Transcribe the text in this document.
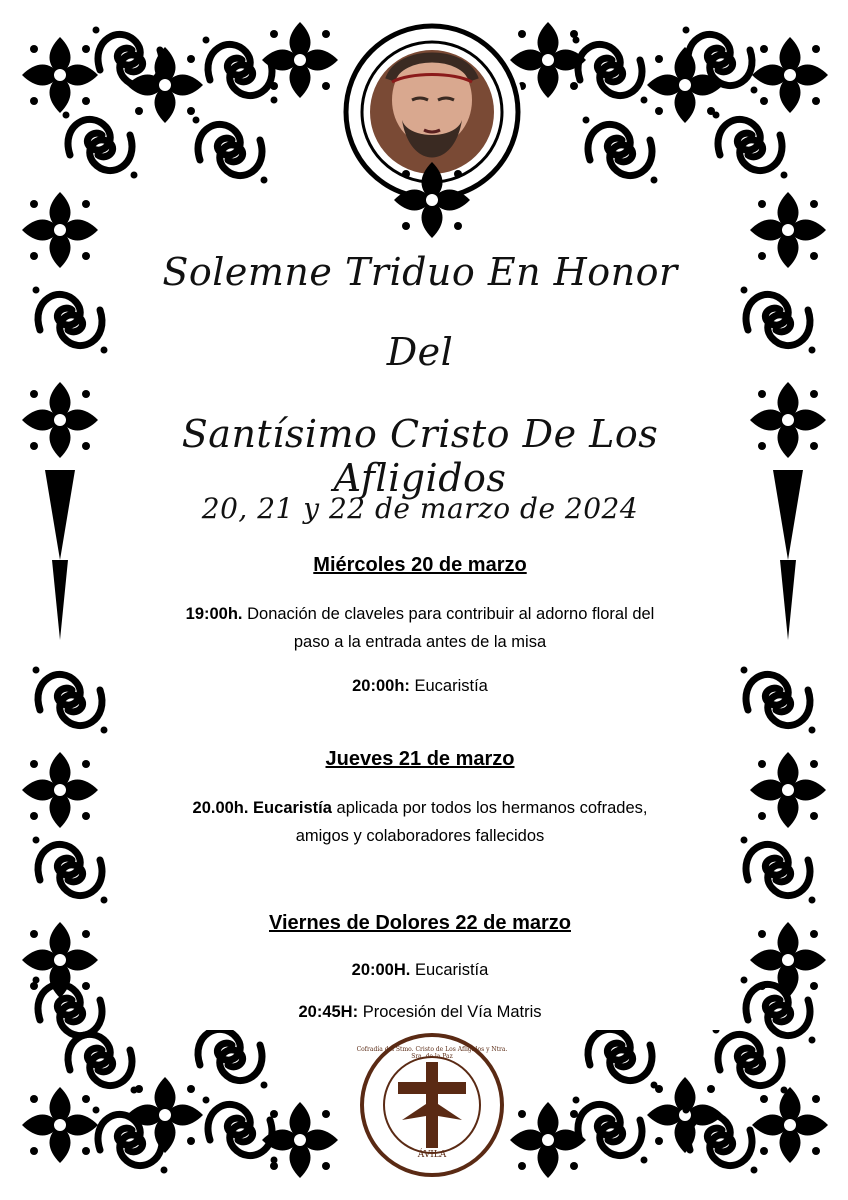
Cofradía del Stmo. Cristo de Los Afligidos y Ntra. Sra. de la Paz
ÁVILA
Solemne Triduo En Honor
Del
Santísimo Cristo De Los Afligidos
20, 21 y 22 de marzo de 2024
Miércoles 20 de marzo
19:00h. Donación de claveles para contribuir al adorno floral del
paso a la entrada antes de la misa
20:00h: Eucaristía
Jueves 21 de marzo
20.00h. Eucaristía aplicada por todos los hermanos cofrades,
amigos y colaboradores fallecidos
Viernes de Dolores 22 de marzo
20:00H. Eucaristía
20:45H: Procesión del Vía Matris
